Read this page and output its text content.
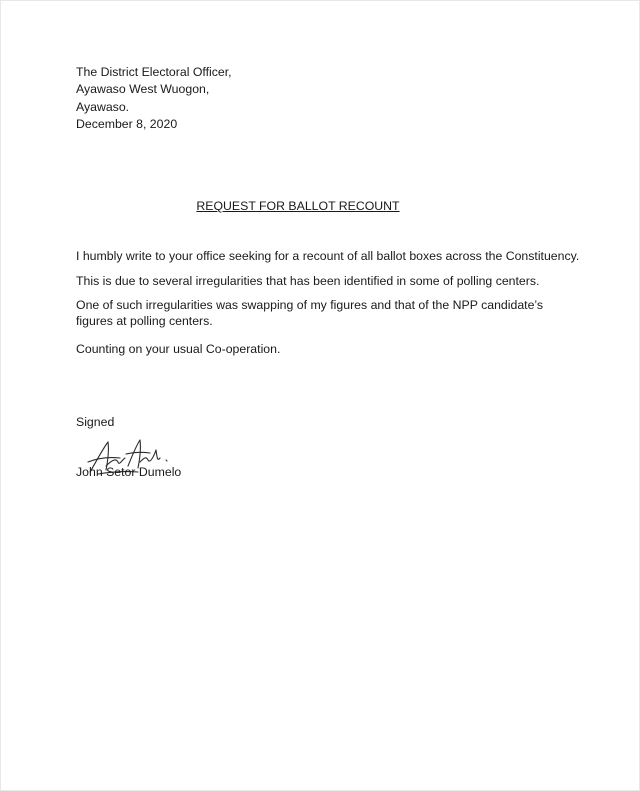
The District Electoral Officer,
Ayawaso West Wuogon,
Ayawaso.
December 8, 2020
REQUEST FOR BALLOT RECOUNT

I humbly write to your office seeking for a recount of all ballot boxes across the Constituency.

This is due to several irregularities that has been identified in some of polling centers.

One of such irregularities was swapping of my figures and that of the NPP candidate’s figures at polling centers.

Counting on your usual Co-operation.

Signed
John Setor Dumelo
